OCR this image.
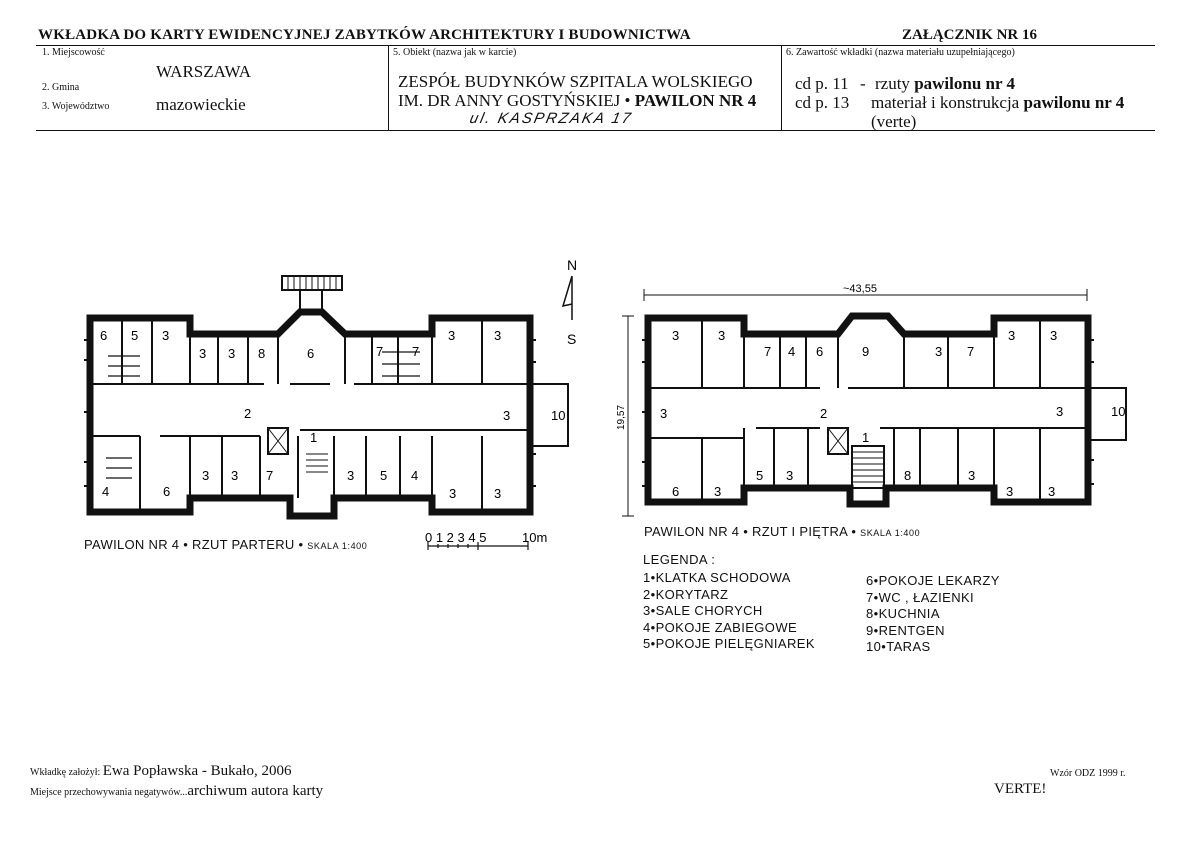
WKŁADKA DO KARTY EWIDENCYJNEJ ZABYTKÓW ARCHITEKTURY I BUDOWNICTWA	ZAŁĄCZNIK NR 16
1. Miejscowość
WARSZAWA
2. Gmina
3. Województwo	mazowieckie
5. Obiekt (nazwa jak w karcie)
ZESPÓŁ BUDYNKÓW SZPITALA WOLSKIEGO
IM. DR ANNY GOSTYŃSKIEJ • PAWILON NR 4
ul. KASPRZAKA 17
6. Zawartość wkładki (nazwa materiału uzupełniającego)
cd p. 11 - rzuty pawilonu nr 4
cd p. 13 materiał i konstrukcja pawilonu nr 4
(verte)
6 5 3
3 3 8	6	7 7
3	3
2	3	10
1
4	6
3 3 7	3 5 4
3	3
N
S
0 1 2 3 4 5	10m
~43,55
19,57
3	3
7 4 6	9	3 7
3	3
3	2	3	10
1
6	3
5 3	8	3
3	3
PAWILON NR 4 • RZUT PARTERU • SKALA 1:400
PAWILON NR 4 • RZUT I PIĘTRA • SKALA 1:400
LEGENDA :
1•KLATKA SCHODOWA
2•KORYTARZ
3•SALE CHORYCH
4•POKOJE ZABIEGOWE
5•POKOJE PIELĘGNIAREK
6•POKOJE LEKARZY
7•WC , ŁAZIENKI
8•KUCHNIA
9•RENTGEN
10•TARAS
Wkładkę założył: Ewa Popławska - Bukało, 2006
Miejsce przechowywania negatywów...archiwum autora karty
Wzór ODZ 1999 r.
VERTE!
